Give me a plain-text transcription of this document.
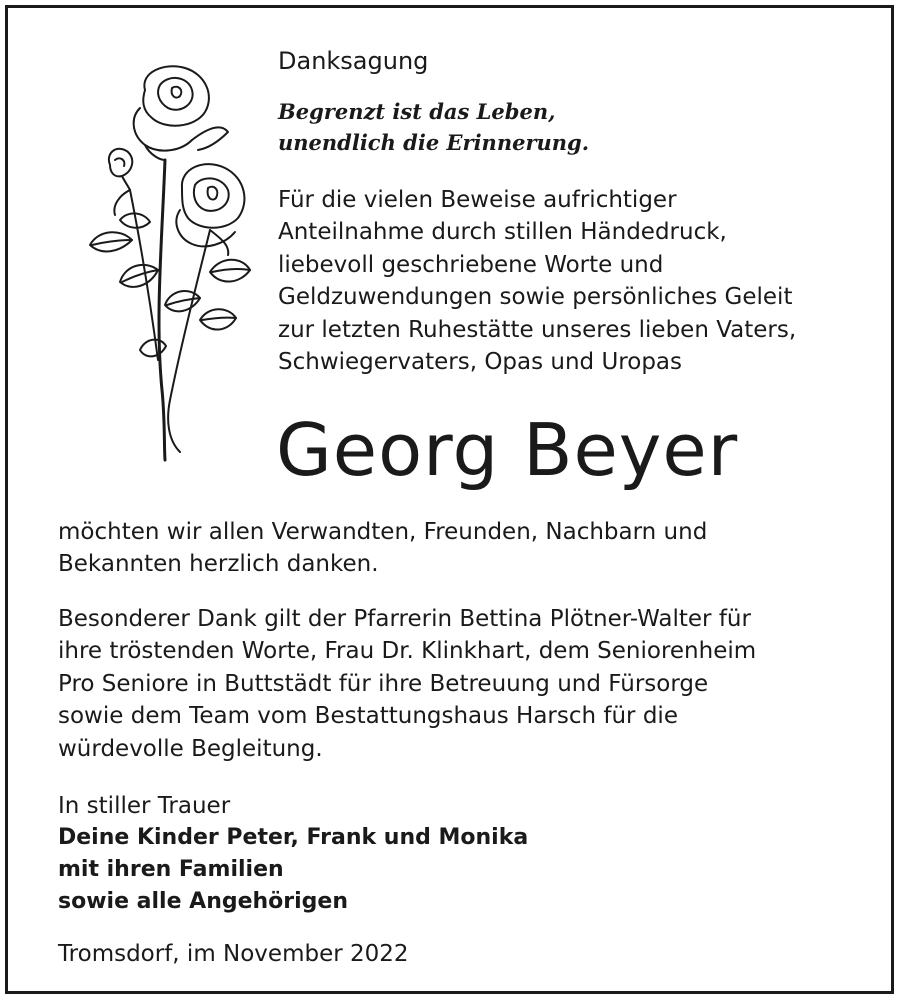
Danksagung
Begrenzt ist das Leben,
unendlich die Erinnerung.
Für die vielen Beweise aufrichtiger
Anteilnahme durch stillen Händedruck,
liebevoll geschriebene Worte und
Geldzuwendungen sowie persönliches Geleit
zur letzten Ruhestätte unseres lieben Vaters,
Schwiegervaters, Opas und Uropas
Georg Beyer
möchten wir allen Verwandten, Freunden, Nachbarn und
Bekannten herzlich danken.
Besonderer Dank gilt der Pfarrerin Bettina Plötner-Walter für
ihre tröstenden Worte, Frau Dr. Klinkhart, dem Seniorenheim
Pro Seniore in Buttstädt für ihre Betreuung und Fürsorge
sowie dem Team vom Bestattungshaus Harsch für die
würdevolle Begleitung.
In stiller Trauer
Deine Kinder Peter, Frank und Monika
mit ihren Familien
sowie alle Angehörigen
Tromsdorf, im November 2022
